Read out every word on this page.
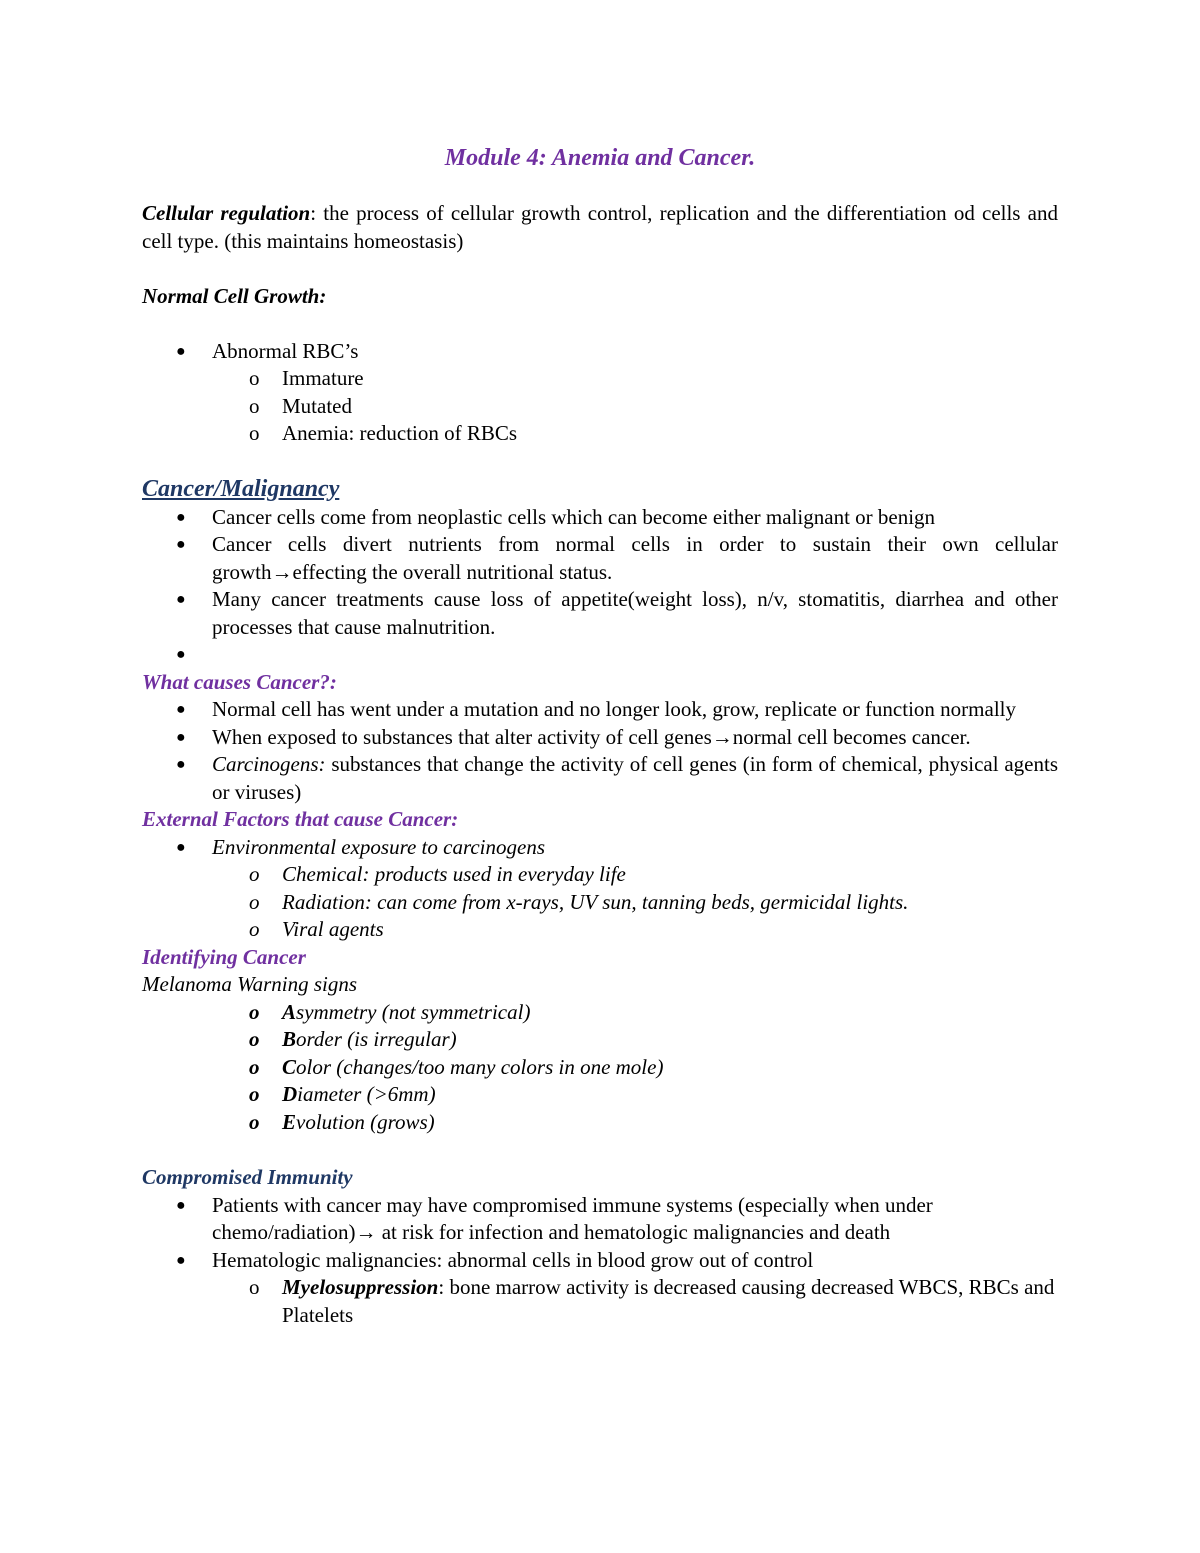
Module 4: Anemia and Cancer.

Cellular regulation: the process of cellular growth control, replication and the differentiation od cells and cell type. (this maintains homeostasis)

Normal Cell Growth:

● Abnormal RBC’s
o Immature
o Mutated
o Anemia: reduction of RBCs

Cancer/Malignancy

● Cancer cells come from neoplastic cells which can become either malignant or benign
● Cancer cells divert nutrients from normal cells in order to sustain their own cellular growth→effecting the overall nutritional status.
● Many cancer treatments cause loss of appetite(weight loss), n/v, stomatitis, diarrhea and other processes that cause malnutrition.
●

What causes Cancer?:

● Normal cell has went under a mutation and no longer look, grow, replicate or function normally
● When exposed to substances that alter activity of cell genes→normal cell becomes cancer.
● Carcinogens: substances that change the activity of cell genes (in form of chemical, physical agents or viruses)

External Factors that cause Cancer:

● Environmental exposure to carcinogens
o Chemical: products used in everyday life
o Radiation: can come from x-rays, UV sun, tanning beds, germicidal lights.
o Viral agents

Identifying Cancer

Melanoma Warning signs

o Asymmetry (not symmetrical)
o Border (is irregular)
o Color (changes/too many colors in one mole)
o Diameter (>6mm)
o Evolution (grows)

Compromised Immunity

● Patients with cancer may have compromised immune systems (especially when under chemo/radiation)→ at risk for infection and hematologic malignancies and death
● Hematologic malignancies: abnormal cells in blood grow out of control
o Myelosuppression: bone marrow activity is decreased causing decreased WBCS, RBCs and Platelets
